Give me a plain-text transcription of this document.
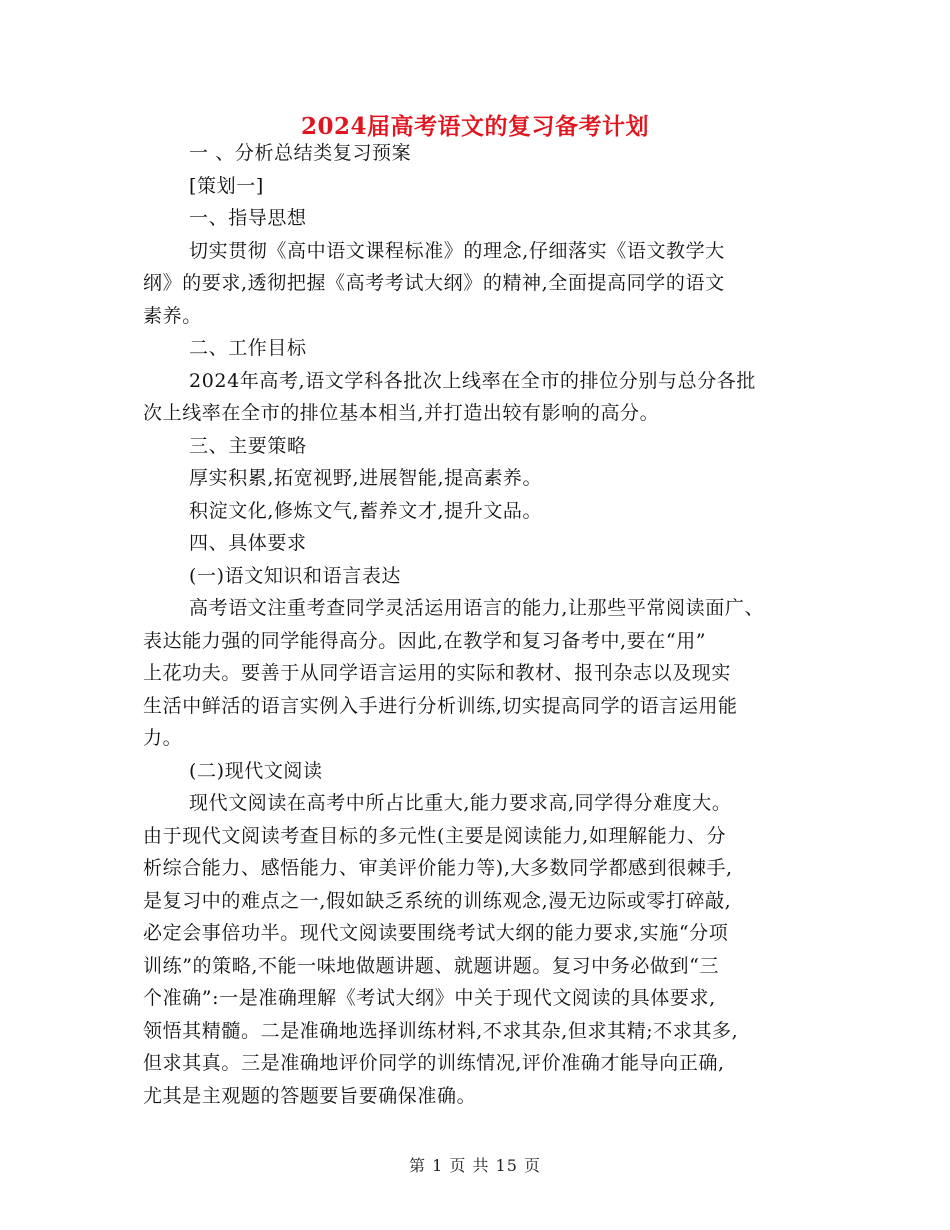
2024届高考语文的复习备考计划
一 、分析总结类复习预案
[策划一]
一、指导思想
切实贯彻《高中语文课程标准》的理念,仔细落实《语文教学大
纲》的要求,透彻把握《高考考试大纲》的精神,全面提高同学的语文
素养。
二、工作目标
2024年高考,语文学科各批次上线率在全市的排位分别与总分各批
次上线率在全市的排位基本相当,并打造出较有影响的高分。
三、主要策略
厚实积累,拓宽视野,进展智能,提高素养。
积淀文化,修炼文气,蓄养文才,提升文品。
四、具体要求
(一)语文知识和语言表达
高考语文注重考查同学灵活运用语言的能力,让那些平常阅读面广、
表达能力强的同学能得高分。因此,在教学和复习备考中,要在“用”
上花功夫。要善于从同学语言运用的实际和教材、报刊杂志以及现实
生活中鲜活的语言实例入手进行分析训练,切实提高同学的语言运用能
力。
(二)现代文阅读
现代文阅读在高考中所占比重大,能力要求高,同学得分难度大。
由于现代文阅读考查目标的多元性(主要是阅读能力,如理解能力、分
析综合能力、感悟能力、审美评价能力等),大多数同学都感到很棘手,
是复习中的难点之一,假如缺乏系统的训练观念,漫无边际或零打碎敲,
必定会事倍功半。现代文阅读要围绕考试大纲的能力要求,实施“分项
训练”的策略,不能一味地做题讲题、就题讲题。复习中务必做到“三
个准确”:一是准确理解《考试大纲》中关于现代文阅读的具体要求,
领悟其精髓。二是准确地选择训练材料,不求其杂,但求其精;不求其多,
但求其真。三是准确地评价同学的训练情况,评价准确才能导向正确,
尤其是主观题的答题要旨要确保准确。
第 1 页 共 15 页
